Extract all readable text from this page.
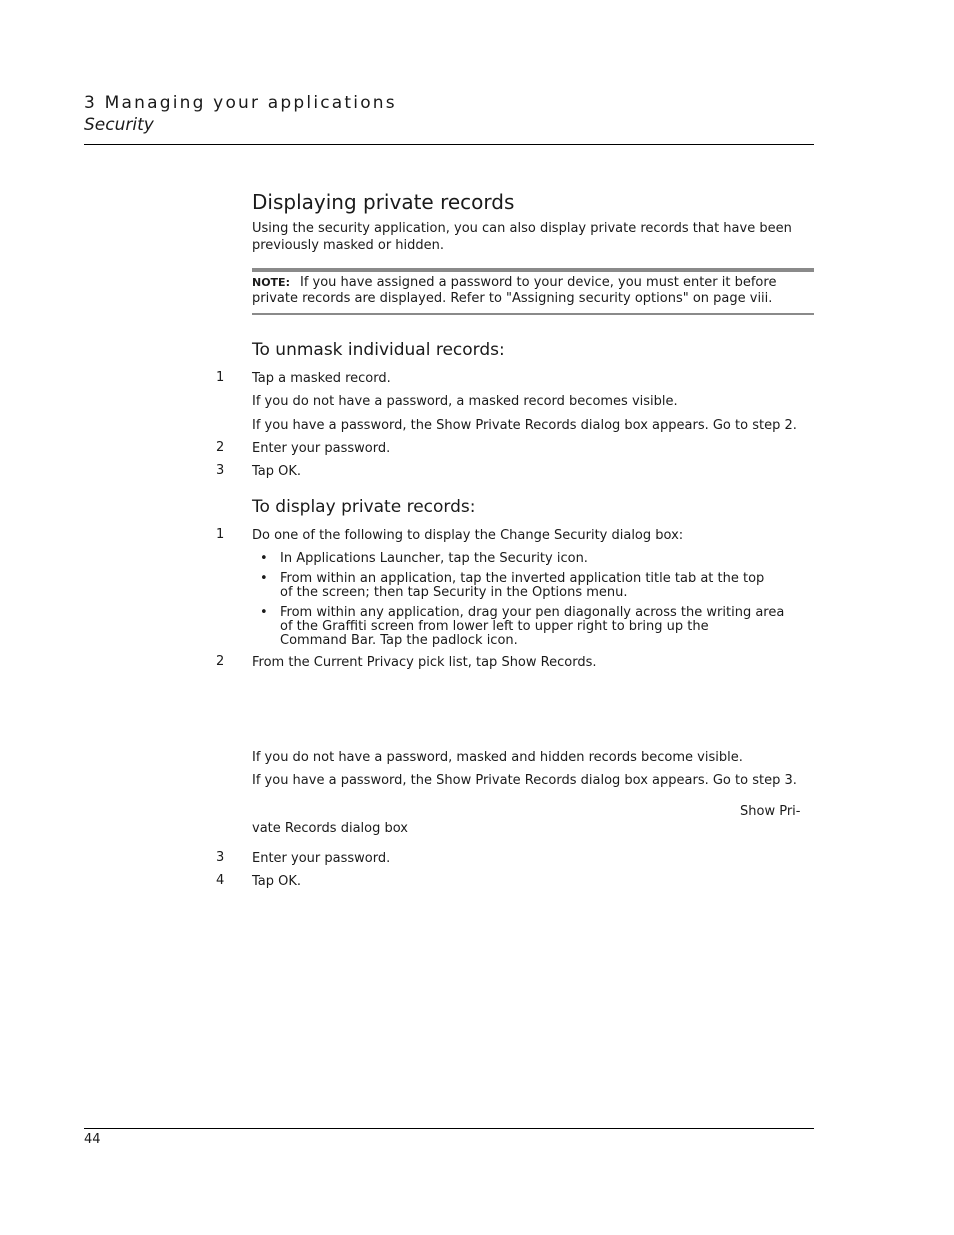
3 Managing your applications
Security
Displaying private records
Using the security application, you can also display private records that have been
previously masked or hidden.
NOTE: If you have assigned a password to your device, you must enter it before
private records are displayed. Refer to "Assigning security options" on page viii.
To unmask individual records:
1 Tap a masked record.
If you do not have a password, a masked record becomes visible.
If you have a password, the Show Private Records dialog box appears. Go to step 2.
2 Enter your password.
3 Tap OK.
To display private records:
1 Do one of the following to display the Change Security dialog box:
• In Applications Launcher, tap the Security icon.
• From within an application, tap the inverted application title tab at the top
of the screen; then tap Security in the Options menu.
• From within any application, drag your pen diagonally across the writing area
of the Graffiti screen from lower left to upper right to bring up the
Command Bar. Tap the padlock icon.
2 From the Current Privacy pick list, tap Show Records.
If you do not have a password, masked and hidden records become visible.
If you have a password, the Show Private Records dialog box appears. Go to step 3.
Show Pri-
vate Records dialog box
3 Enter your password.
4 Tap OK.
44
